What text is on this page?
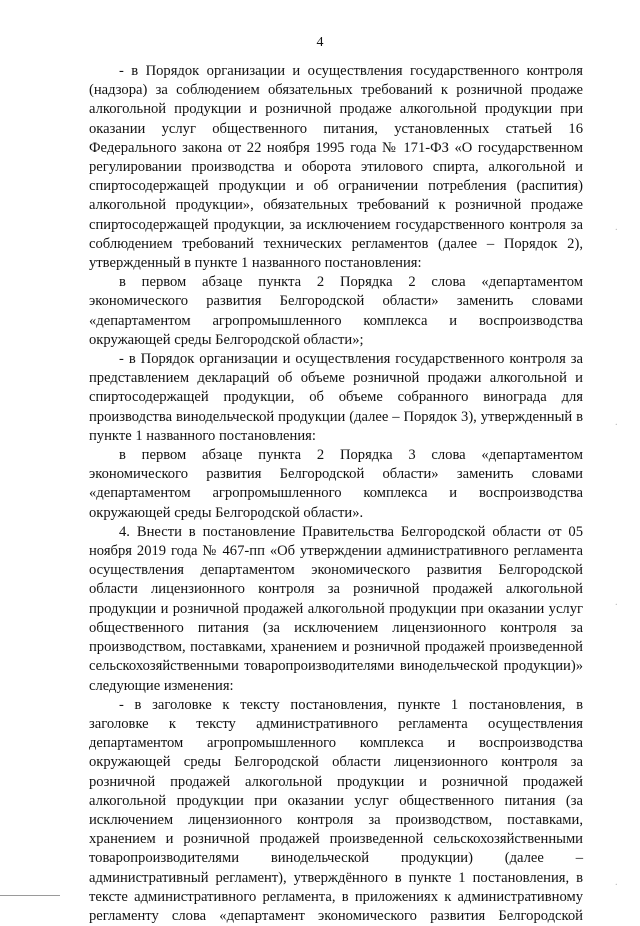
4

- в Порядок организации и осуществления государственного контроля (надзора) за соблюдением обязательных требований к розничной продаже алкогольной продукции и розничной продаже алкогольной продукции при оказании услуг общественного питания, установленных статьей 16 Федерального закона от 22 ноября 1995 года № 171-ФЗ «О государственном регулировании производства и оборота этилового спирта, алкогольной и спиртосодержащей продукции и об ограничении потребления (распития) алкогольной продукции», обязательных требований к розничной продаже спиртосодержащей продукции, за исключением государственного контроля за соблюдением требований технических регламентов (далее – Порядок 2), утвержденный в пункте 1 названного постановления:

в первом абзаце пункта 2 Порядка 2 слова «департаментом экономического развития Белгородской области» заменить словами «департаментом агропромышленного комплекса и воспроизводства окружающей среды Белгородской области»;

- в Порядок организации и осуществления государственного контроля за представлением деклараций об объеме розничной продажи алкогольной и спиртосодержащей продукции, об объеме собранного винограда для производства винодельческой продукции (далее – Порядок 3), утвержденный в пункте 1 названного постановления:

в первом абзаце пункта 2 Порядка 3 слова «департаментом экономического развития Белгородской области» заменить словами «департаментом агропромышленного комплекса и воспроизводства окружающей среды Белгородской области».

4. Внести в постановление Правительства Белгородской области от 05 ноября 2019 года № 467-пп «Об утверждении административного регламента осуществления департаментом экономического развития Белгородской области лицензионного контроля за розничной продажей алкогольной продукции и розничной продажей алкогольной продукции при оказании услуг общественного питания (за исключением лицензионного контроля за производством, поставками, хранением и розничной продажей произведенной сельскохозяйственными товаропроизводителями винодельческой продукции)» следующие изменения:

- в заголовке к тексту постановления, пункте 1 постановления, в заголовке к тексту административного регламента осуществления департаментом агропромышленного комплекса и воспроизводства окружающей среды Белгородской области лицензионного контроля за розничной продажей алкогольной продукции и розничной продажей алкогольной продукции при оказании услуг общественного питания (за исключением лицензионного контроля за производством, поставками, хранением и розничной продажей произведенной сельскохозяйственными товаропроизводителями винодельческой продукции) (далее – административный регламент), утверждённого в пункте 1 постановления, в тексте административного регламента, в приложениях к административному регламенту слова «департамент экономического развития Белгородской

·
·
·
·
